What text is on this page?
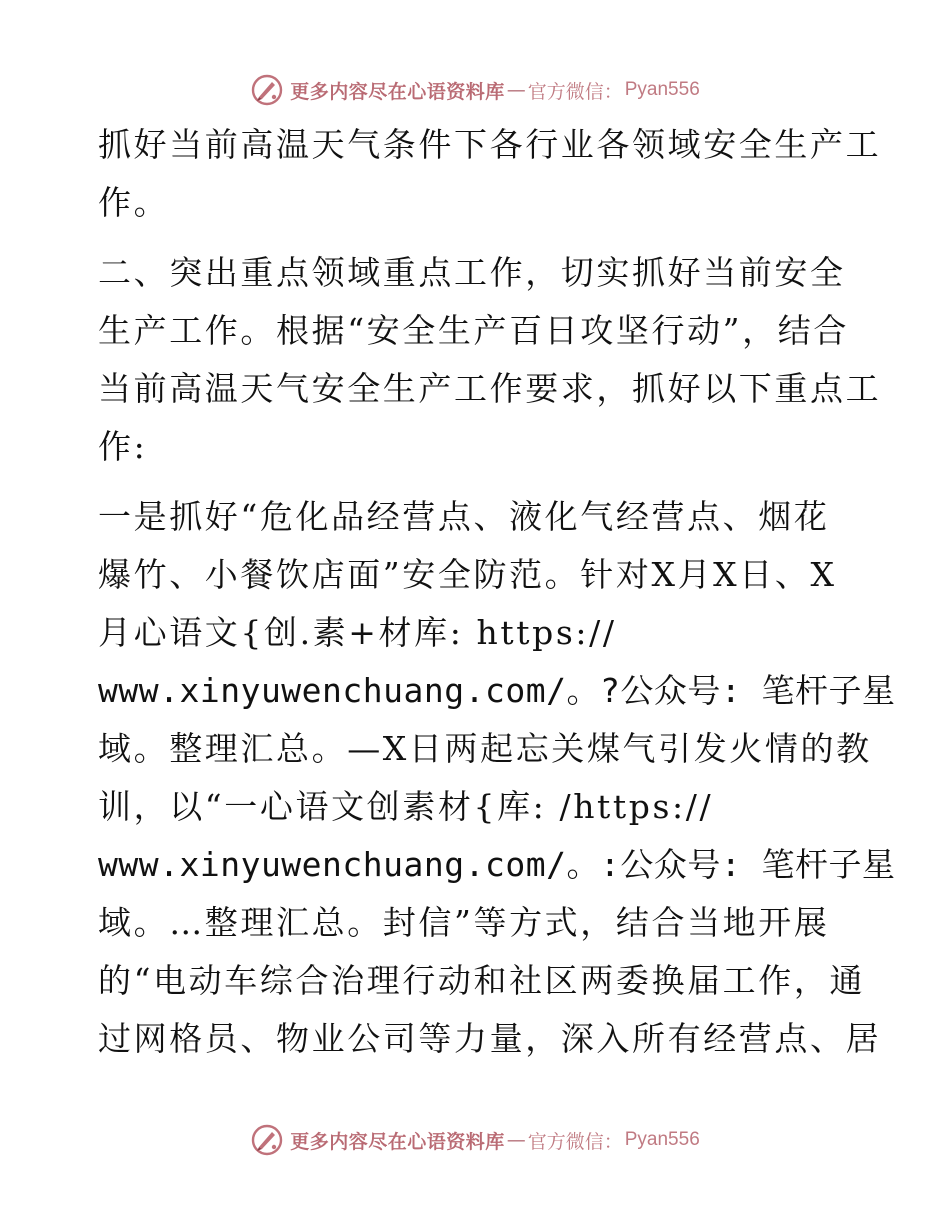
更多内容尽在心语资料库 — 官方微信： Pyan556
抓好当前高温天气条件下各行业各领域安全生产工
作。
二、突出重点领域重点工作，切实抓好当前安全
生产工作。根据“安全生产百日攻坚行动”，结合
当前高温天气安全生产工作要求，抓好以下重点工
作:
一是抓好“危化品经营点、液化气经营点、烟花
爆竹、小餐饮店面”安全防范。针对X月X日、X
月心语文{创.素+材库: https://
www.xinyuwenchuang.com/。?公众号: 笔杆子星
域。整理汇总。—X日两起忘关煤气引发火情的教
训，以“一心语文创素材{库: /https://
www.xinyuwenchuang.com/。:公众号: 笔杆子星
域。…整理汇总。封信”等方式，结合当地开展
的“电动车综合治理行动和社区两委换届工作，通
过网格员、物业公司等力量，深入所有经营点、居
更多内容尽在心语资料库 — 官方微信： Pyan556
